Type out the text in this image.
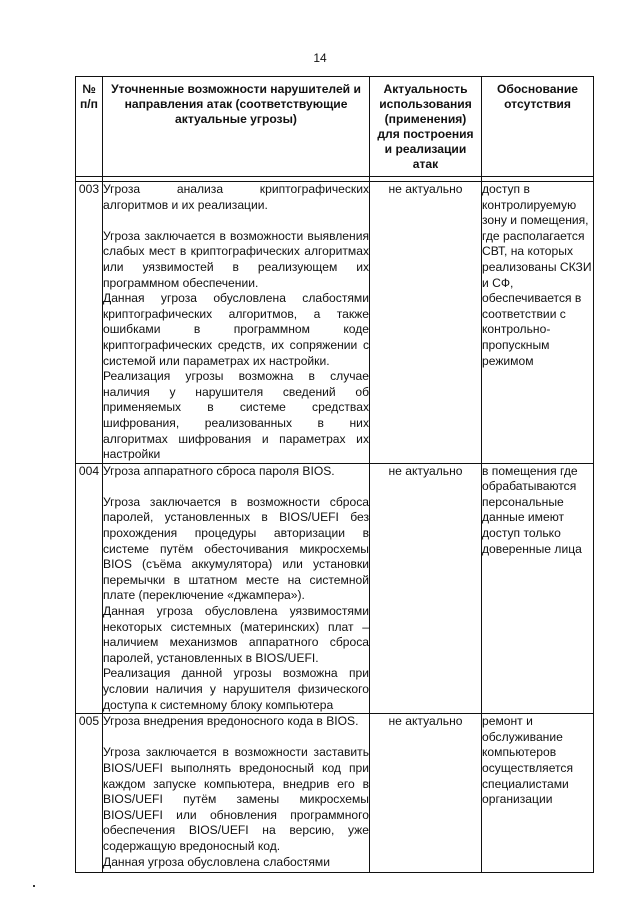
14
№ п/п	Уточненные возможности нарушителей и направления атак (соответствующие актуальные угрозы)	Актуальность использования (применения) для построения и реализации атак	Обоснование отсутствия

003	Угроза анализа криптографических алгоритмов и их реализации.

Угроза заключается в возможности выявления слабых мест в криптографических алгоритмах или уязвимостей в реализующем их программном обеспечении.

Данная угроза обусловлена слабостями криптографических алгоритмов, а также ошибками в программном коде криптографических средств, их сопряжении с системой или параметрах их настройки.

Реализация угрозы возможна в случае наличия у нарушителя сведений об применяемых в системе средствах шифрования, реализованных в них алгоритмах шифрования и параметрах их настройки	не актуально	доступ в контролируемую зону и помещения, где располагается СВТ, на которых реализованы СКЗИ и СФ, обеспечивается в соответствии с контрольно-пропускным режимом
004	Угроза аппаратного сброса пароля BIOS.

Угроза заключается в возможности сброса паролей, установленных в BIOS/UEFI без прохождения процедуры авторизации в системе путём обесточивания микросхемы BIOS (съёма аккумулятора) или установки перемычки в штатном месте на системной плате (переключение «джампера»).

Данная угроза обусловлена уязвимостями некоторых системных (материнских) плат – наличием механизмов аппаратного сброса паролей, установленных в BIOS/UEFI.

Реализация данной угрозы возможна при условии наличия у нарушителя физического доступа к системному блоку компьютера	не актуально	в помещения где обрабатываются персональные данные имеют доступ только доверенные лица
005	Угроза внедрения вредоносного кода в BIOS.

Угроза заключается в возможности заставить BIOS/UEFI выполнять вредоносный код при каждом запуске компьютера, внедрив его в BIOS/UEFI путём замены микросхемы BIOS/UEFI или обновления программного обеспечения BIOS/UEFI на версию, уже содержащую вредоносный код.

Данная угроза обусловлена слабостями	не актуально	ремонт и обслуживание компьютеров осуществляется специалистами организации
